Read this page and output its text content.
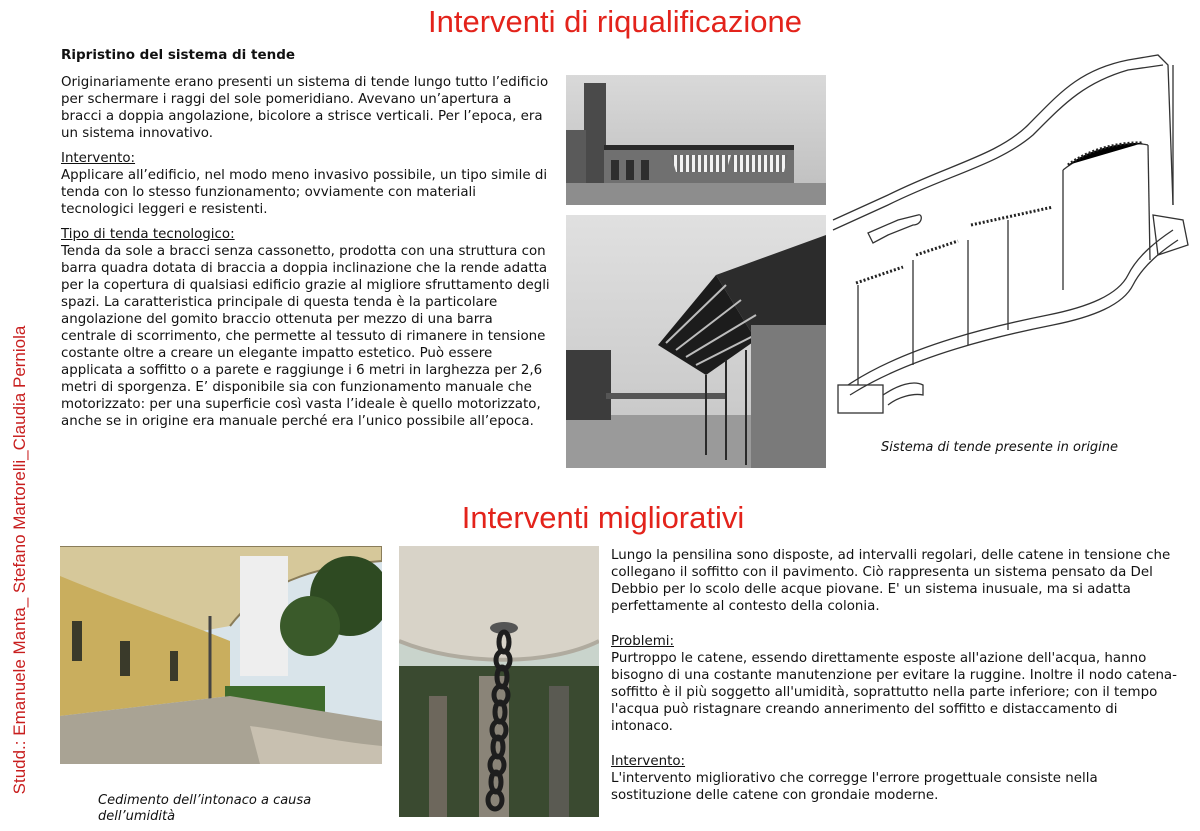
Studd.: Emanuele Manta_ Stefano Martorelli_Claudia Perniola
Interventi di riqualificazione
Interventi migliorativi

Ripristino del sistema di tende

Originariamente erano presenti un sistema di tende lungo tutto l’edificio per schermare i raggi del sole pomeridiano. Avevano un’apertura a bracci a doppia angolazione, bicolore a strisce verticali. Per l’epoca, era un sistema innovativo.

Intervento:

Applicare all’edificio, nel modo meno invasivo possibile, un tipo simile di tenda con lo stesso funzionamento; ovviamente con materiali tecnologici leggeri e resistenti.

Tipo di tenda tecnologico:

Tenda da sole a bracci senza cassonetto, prodotta con una struttura con barra quadra dotata di braccia a doppia inclinazione che la rende adatta per la copertura di qualsiasi edificio grazie al migliore sfruttamento degli spazi. La caratteristica principale di questa tenda è la particolare angolazione del gomito braccio ottenuta per mezzo di una barra centrale di scorrimento, che permette al tessuto di rimanere in tensione costante oltre a creare un elegante impatto estetico. Può essere applicata a soffitto o a parete e raggiunge i 6 metri in larghezza per 2,6 metri di sporgenza. E’ disponibile sia con funzionamento manuale che motorizzato: per una superficie così vasta l’ideale è quello motorizzato, anche se in origine era manuale perché era l’unico possibile all’epoca.

Sistema di tende presente in origine
Cedimento dell’intonaco a causa dell’umidità

Lungo la pensilina sono disposte, ad intervalli regolari, delle catene in tensione che collegano il soffitto con il pavimento. Ciò rappresenta un sistema pensato da Del Debbio per lo scolo delle acque piovane. E' un sistema inusuale, ma si adatta perfettamente al contesto della colonia.

Problemi:

Purtroppo le catene, essendo direttamente esposte all'azione dell'acqua, hanno bisogno di una costante manutenzione per evitare la ruggine. Inoltre il nodo catena-soffitto è il più soggetto all'umidità, soprattutto nella parte inferiore; con il tempo l'acqua può ristagnare creando annerimento del soffitto e distaccamento di intonaco.

Intervento:

L'intervento migliorativo che corregge l'errore progettuale consiste nella sostituzione delle catene con grondaie moderne.
